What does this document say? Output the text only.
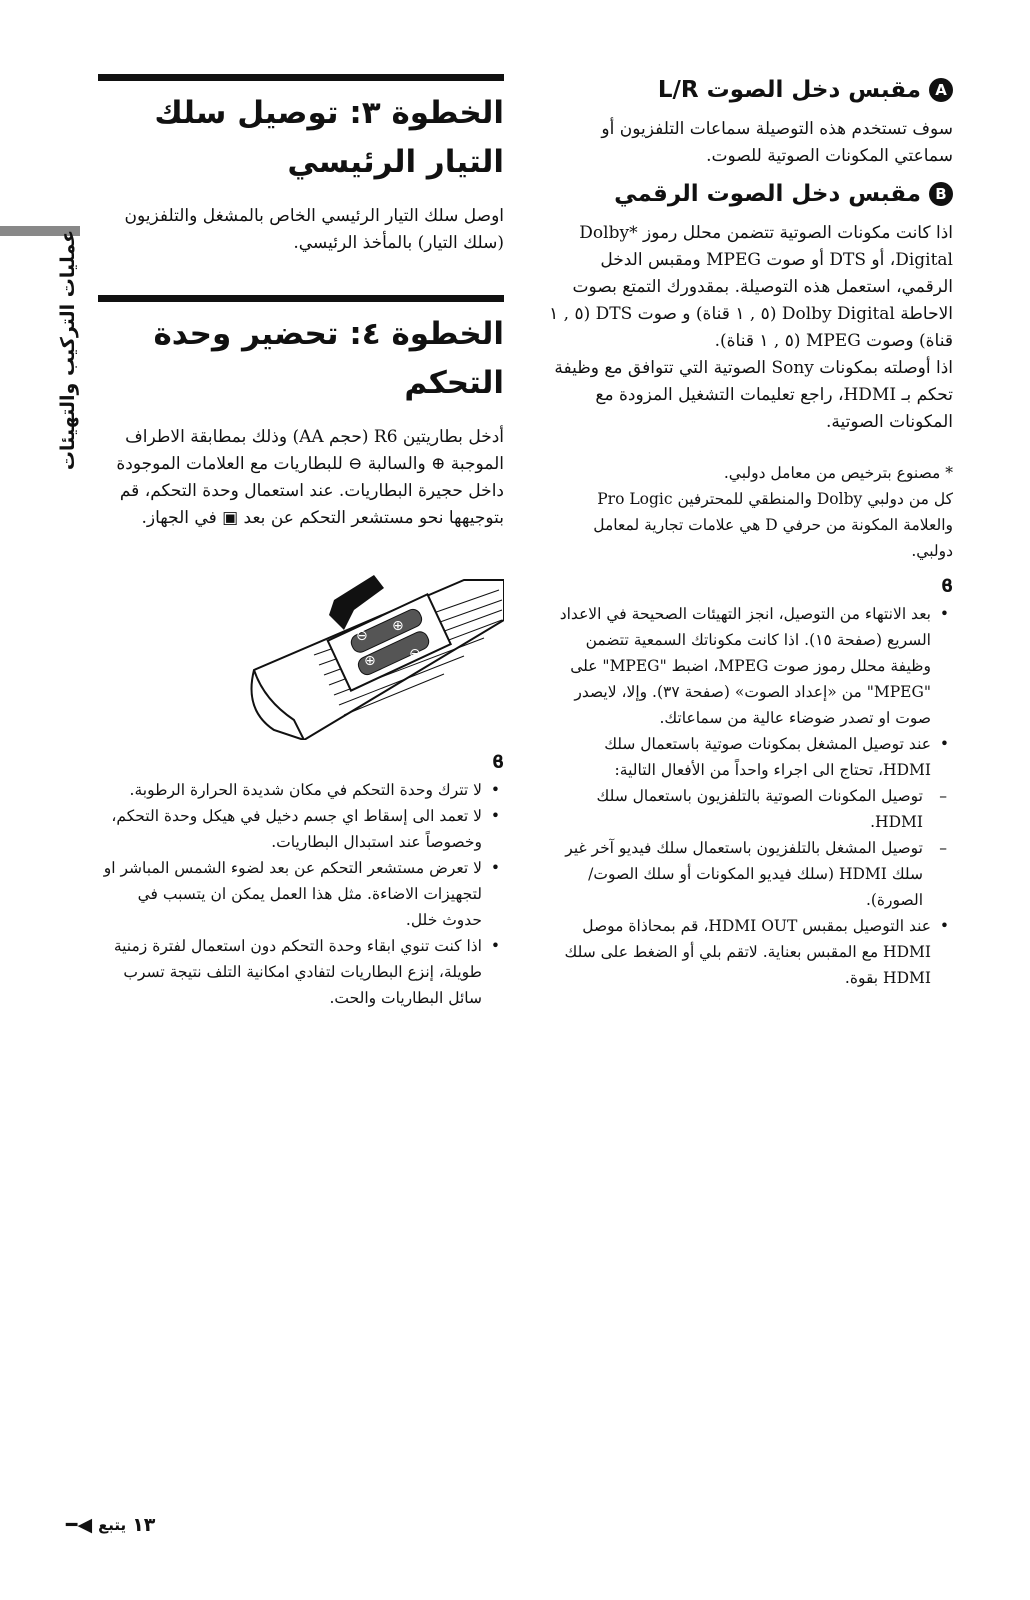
عمليات التركيب والتهيئات
الخطوة ٣: توصيل سلك التيار الرئيسي

اوصل سلك التيار الرئيسي الخاص بالمشغل والتلفزيون (سلك التيار) بالمأخذ الرئيسي.

الخطوة ٤: تحضير وحدة التحكم

أدخل بطاريتين R6 (حجم AA) وذلك بمطابقة الاطراف الموجبة ⊕ والسالبة ⊖ للبطاريات مع العلامات الموجودة داخل حجيرة البطاريات. عند استعمال وحدة التحكم، قم بتوجيهها نحو مستشعر التحكم عن بعد ▣ في الجهاز.

⊕
⊕
⊖
⊖
ϐ
• لا تترك وحدة التحكم في مكان شديدة الحرارة الرطوبة.
• لا تعمد الى إسقاط اي جسم دخيل في هيكل وحدة التحكم، وخصوصاً عند استبدال البطاريات.
• لا تعرض مستشعر التحكم عن بعد لضوء الشمس المباشر او لتجهيزات الاضاءة. مثل هذا العمل يمكن ان يتسبب في حدوث خلل.
• اذا كنت تنوي ابقاء وحدة التحكم دون استعمال لفترة زمنية طويلة، إنزع البطاريات لتفادي امكانية التلف نتيجة تسرب سائل البطاريات والحت.
A
مقبس دخل الصوت L/R

سوف تستخدم هذه التوصيلة سماعات التلفزيون أو سماعتي المكونات الصوتية للصوت.

B
مقبس دخل الصوت الرقمي

اذا كانت مكونات الصوتية تتضمن محلل رموز Dolby* Digital، أو DTS أو صوت MPEG ومقبس الدخل الرقمي، استعمل هذه التوصيلة. بمقدورك التمتع بصوت الاحاطة Dolby Digital (٥ , ١ قناة) و صوت DTS (٥ , ١ قناة) وصوت MPEG (٥ , ١ قناة).

اذا أوصلته بمكونات Sony الصوتية التي تتوافق مع وظيفة تحكم بـ HDMI، راجع تعليمات التشغيل المزودة مع المكونات الصوتية.

* مصنوع بترخيص من معامل دولبي.

كل من دولبي Dolby والمنطقي للمحترفين Pro Logic والعلامة المكونة من حرفي D هي علامات تجارية لمعامل دولبي.

ϐ
• بعد الانتهاء من التوصيل، انجز التهيئات الصحيحة في الاعداد السريع (صفحة ١٥). اذا كانت مكوناتك السمعية تتضمن وظيفة محلل رموز صوت MPEG، اضبط "MPEG" على "MPEG" من «إعداد الصوت» (صفحة ٣٧). وإلا، لايصدر صوت او تصدر ضوضاء عالية من سماعاتك.
• عند توصيل المشغل بمكونات صوتية باستعمال سلك HDMI، تحتاج الى اجراء واحداً من الأفعال التالية:
– توصيل المكونات الصوتية بالتلفزيون باستعمال سلك HDMI.
– توصيل المشغل بالتلفزيون باستعمال سلك فيديو آخر غير سلك HDMI (سلك فيديو المكونات أو سلك الصوت/الصورة).
• عند التوصيل بمقبس HDMI OUT، قم بمحاذاة موصل HDMI مع المقبس بعناية. لاتقم بلي أو الضغط على سلك HDMI بقوة.
١٣
يتبع
◀━
